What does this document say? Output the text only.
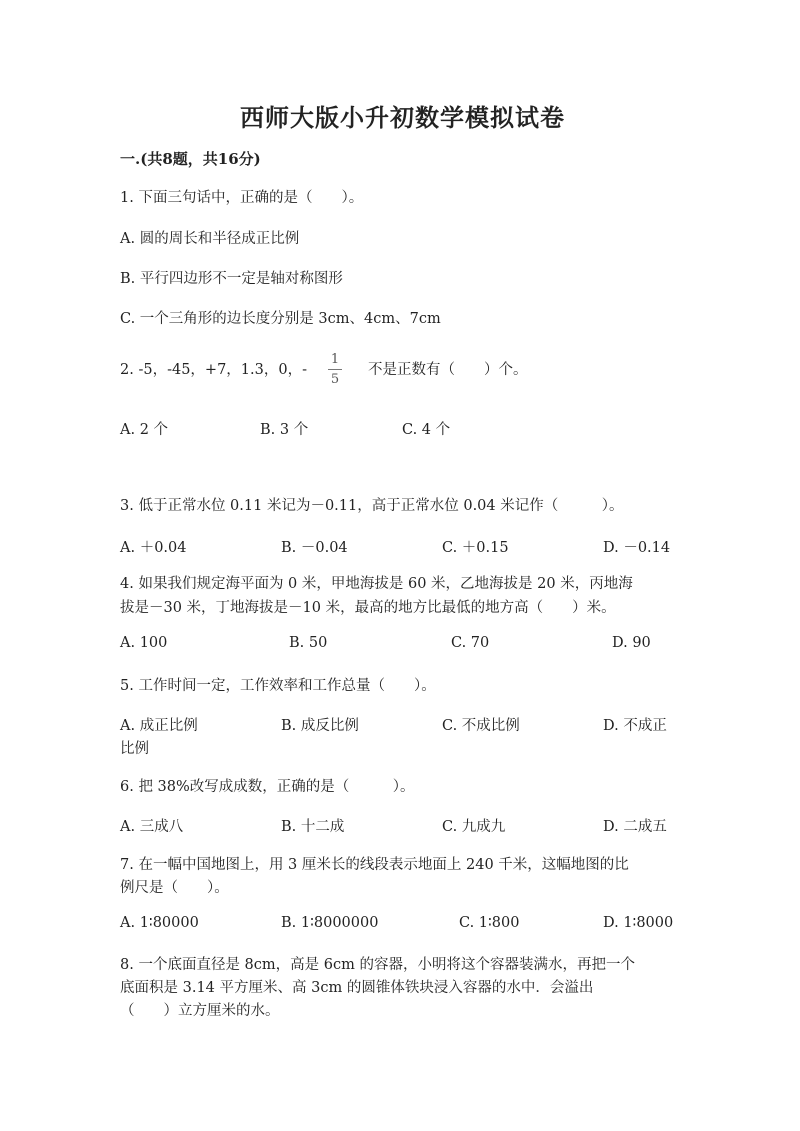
西师大版小升初数学模拟试卷
一.(共8题，共16分)
1. 下面三句话中，正确的是（　　）。
A. 圆的周长和半径成正比例
B. 平行四边形不一定是轴对称图形
C. 一个三角形的边长度分别是 3cm、4cm、7cm
2. -5，-45，+7，1.3，0，-
1
5
不是正数有（　　）个。
A. 2 个	B. 3 个	C. 4 个
3. 低于正常水位 0.11 米记为－0.11，高于正常水位 0.04 米记作（　　　）。
A. ＋0.04	B. －0.04	C. ＋0.15	D. －0.14
4. 如果我们规定海平面为 0 米，甲地海拔是 60 米，乙地海拔是 20 米，丙地海
拔是－30 米，丁地海拔是－10 米，最高的地方比最低的地方高（　　）米。
A. 100	B. 50	C. 70	D. 90
5. 工作时间一定，工作效率和工作总量（　　）。
A. 成正比例	B. 成反比例	C. 不成比例	D. 不成正
比例
6. 把 38%改写成成数，正确的是（　　　）。
A. 三成八	B. 十二成	C. 九成九	D. 二成五
7. 在一幅中国地图上，用 3 厘米长的线段表示地面上 240 千米，这幅地图的比
例尺是（　　）。
A. 1∶80000	B. 1∶8000000	C. 1∶800	D. 1∶8000
8. 一个底面直径是 8cm，高是 6cm 的容器，小明将这个容器装满水，再把一个
底面积是 3.14 平方厘米、高 3cm 的圆锥体铁块浸入容器的水中．会溢出
（　　）立方厘米的水。
